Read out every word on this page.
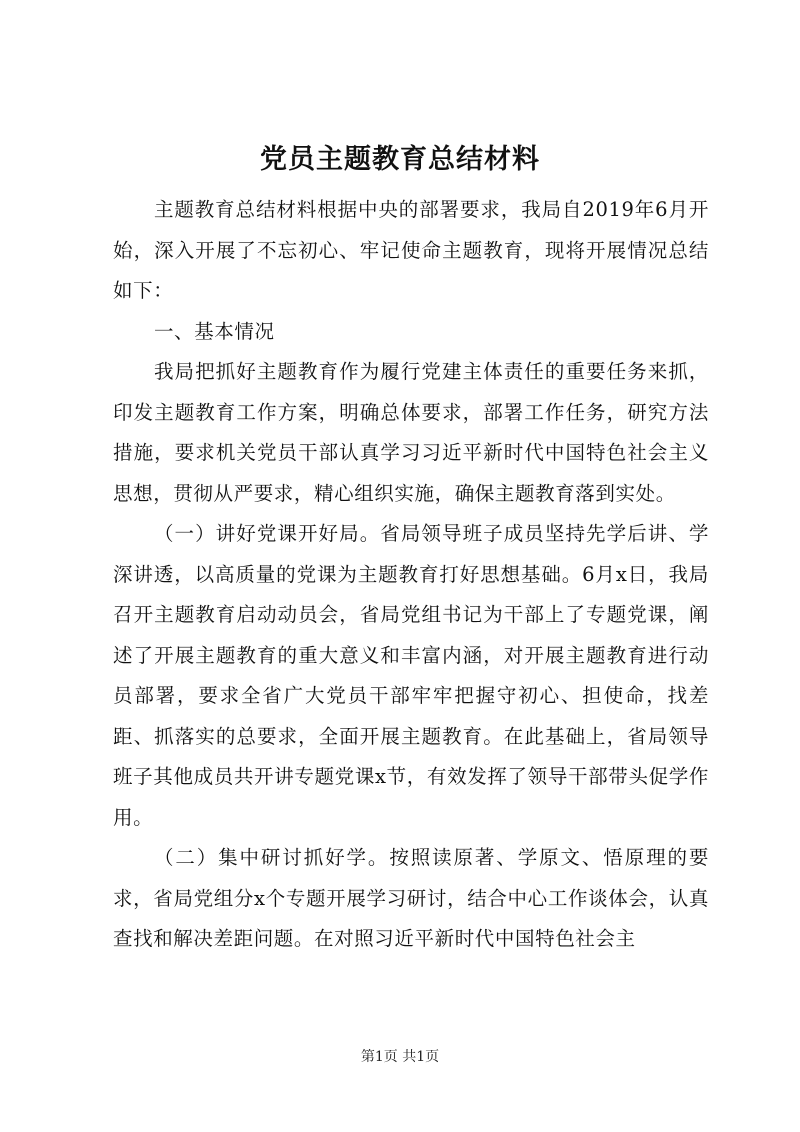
党员主题教育总结材料

主题教育总结材料根据中央的部署要求，我局自2019年6月开始，深入开展了不忘初心、牢记使命主题教育，现将开展情况总结如下：

一、基本情况

我局把抓好主题教育作为履行党建主体责任的重要任务来抓，印发主题教育工作方案，明确总体要求，部署工作任务，研究方法措施，要求机关党员干部认真学习习近平新时代中国特色社会主义思想，贯彻从严要求，精心组织实施，确保主题教育落到实处。

（一）讲好党课开好局。省局领导班子成员坚持先学后讲、学深讲透，以高质量的党课为主题教育打好思想基础。6月x日，我局召开主题教育启动动员会，省局党组书记为干部上了专题党课，阐述了开展主题教育的重大意义和丰富内涵，对开展主题教育进行动员部署，要求全省广大党员干部牢牢把握守初心、担使命，找差距、抓落实的总要求，全面开展主题教育。在此基础上，省局领导班子其他成员共开讲专题党课x节，有效发挥了领导干部带头促学作用。

（二）集中研讨抓好学。按照读原著、学原文、悟原理的要求，省局党组分x个专题开展学习研讨，结合中心工作谈体会，认真查找和解决差距问题。在对照习近平新时代中国特色社会主

第1页 共1页
